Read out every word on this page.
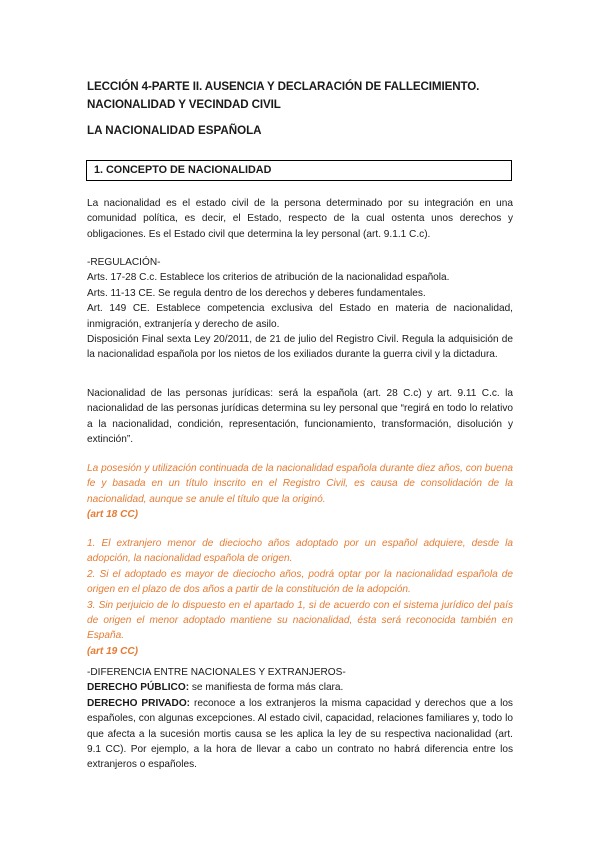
LECCIÓN 4-PARTE II. AUSENCIA Y DECLARACIÓN DE FALLECIMIENTO. NACIONALIDAD Y VECINDAD CIVIL
LA NACIONALIDAD ESPAÑOLA
1. CONCEPTO DE NACIONALIDAD

La nacionalidad es el estado civil de la persona determinado por su integración en una comunidad política, es decir, el Estado, respecto de la cual ostenta unos derechos y obligaciones. Es el Estado civil que determina la ley personal (art. 9.1.1 C.c).

-REGULACIÓN-

Arts. 17-28 C.c. Establece los criterios de atribución de la nacionalidad española.

Arts. 11-13 CE. Se regula dentro de los derechos y deberes fundamentales.

Art. 149 CE. Establece competencia exclusiva del Estado en materia de nacionalidad, inmigración, extranjería y derecho de asilo.

Disposición Final sexta Ley 20/2011, de 21 de julio del Registro Civil. Regula la adquisición de la nacionalidad española por los nietos de los exiliados durante la guerra civil y la dictadura.

Nacionalidad de las personas jurídicas: será la española (art. 28 C.c) y art. 9.11 C.c. la nacionalidad de las personas jurídicas determina su ley personal que “regirá en todo lo relativo a la nacionalidad, condición, representación, funcionamiento, transformación, disolución y extinción”.

La posesión y utilización continuada de la nacionalidad española durante diez años, con buena fe y basada en un título inscrito en el Registro Civil, es causa de consolidación de la nacionalidad, aunque se anule el título que la originó.

(art 18 CC)

1. El extranjero menor de dieciocho años adoptado por un español adquiere, desde la adopción, la nacionalidad española de origen.

2. Si el adoptado es mayor de dieciocho años, podrá optar por la nacionalidad española de origen en el plazo de dos años a partir de la constitución de la adopción.

3. Sin perjuicio de lo dispuesto en el apartado 1, si de acuerdo con el sistema jurídico del país de origen el menor adoptado mantiene su nacionalidad, ésta será reconocida también en España.

(art 19 CC)

-DIFERENCIA ENTRE NACIONALES Y EXTRANJEROS-

DERECHO PÚBLICO: se manifiesta de forma más clara.

DERECHO PRIVADO: reconoce a los extranjeros la misma capacidad y derechos que a los españoles, con algunas excepciones. Al estado civil, capacidad, relaciones familiares y, todo lo que afecta a la sucesión mortis causa se les aplica la ley de su respectiva nacionalidad (art. 9.1 CC). Por ejemplo, a la hora de llevar a cabo un contrato no habrá diferencia entre los extranjeros o españoles.
